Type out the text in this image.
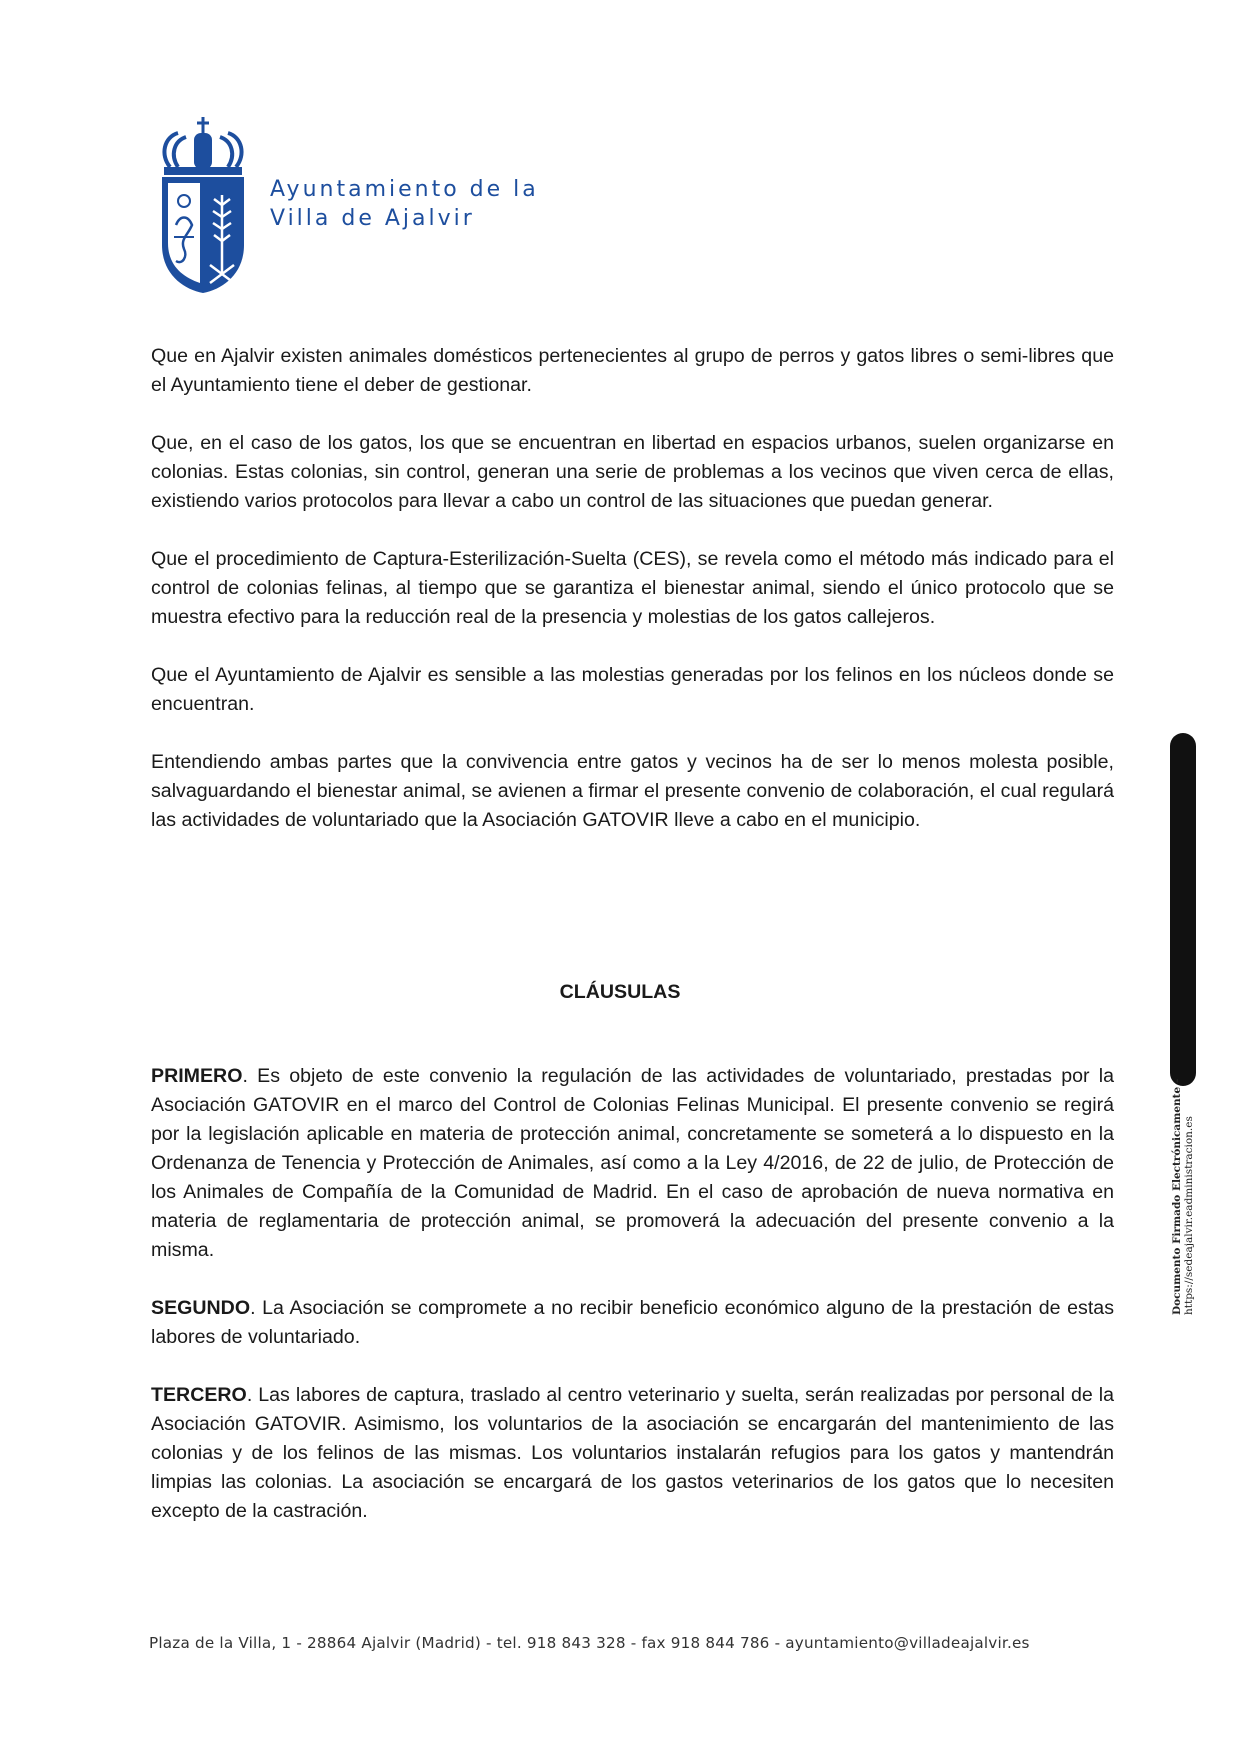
Ayuntamiento de la
Villa de Ajalvir

Que en Ajalvir existen animales domésticos pertenecientes al grupo de perros y gatos libres o semi-libres que el Ayuntamiento tiene el deber de gestionar.

Que, en el caso de los gatos, los que se encuentran en libertad en espacios urbanos, suelen organizarse en colonias. Estas colonias, sin control, generan una serie de problemas a los vecinos que viven cerca de ellas, existiendo varios protocolos para llevar a cabo un control de las situaciones que puedan generar.

Que el procedimiento de Captura-Esterilización-Suelta (CES), se revela como el método más indicado para el control de colonias felinas, al tiempo que se garantiza el bienestar animal, siendo el único protocolo que se muestra efectivo para la reducción real de la presencia y molestias de los gatos callejeros.

Que el Ayuntamiento de Ajalvir es sensible a las molestias generadas por los felinos en los núcleos donde se encuentran.

Entendiendo ambas partes que la convivencia entre gatos y vecinos ha de ser lo menos molesta posible, salvaguardando el bienestar animal, se avienen a firmar el presente convenio de colaboración, el cual regulará las actividades de voluntariado que la Asociación GATOVIR lleve a cabo en el municipio.

CLÁUSULAS

PRIMERO. Es objeto de este convenio la regulación de las actividades de voluntariado, prestadas por la Asociación GATOVIR en el marco del Control de Colonias Felinas Municipal. El presente convenio se regirá por la legislación aplicable en materia de protección animal, concretamente se someterá a lo dispuesto en la Ordenanza de Tenencia y Protección de Animales, así como a la Ley 4/2016, de 22 de julio, de Protección de los Animales de Compañía de la Comunidad de Madrid. En el caso de aprobación de nueva normativa en materia de reglamentaria de protección animal, se promoverá la adecuación del presente convenio a la misma.

SEGUNDO. La Asociación se compromete a no recibir beneficio económico alguno de la prestación de estas labores de voluntariado.

TERCERO. Las labores de captura, traslado al centro veterinario y suelta, serán realizadas por personal de la Asociación GATOVIR. Asimismo, los voluntarios de la asociación se encargarán del mantenimiento de las colonias y de los felinos de las mismas. Los voluntarios instalarán refugios para los gatos y mantendrán limpias las colonias. La asociación se encargará de los gastos veterinarios de los gatos que lo necesiten excepto de la castración.

Plaza de la Villa, 1 - 28864 Ajalvir (Madrid) - tel. 918 843 328 - fax 918 844 786 - ayuntamiento@villadeajalvir.es
Documento Firmado Electrónicamente - https://sedeajalvir.eadministracion.es
